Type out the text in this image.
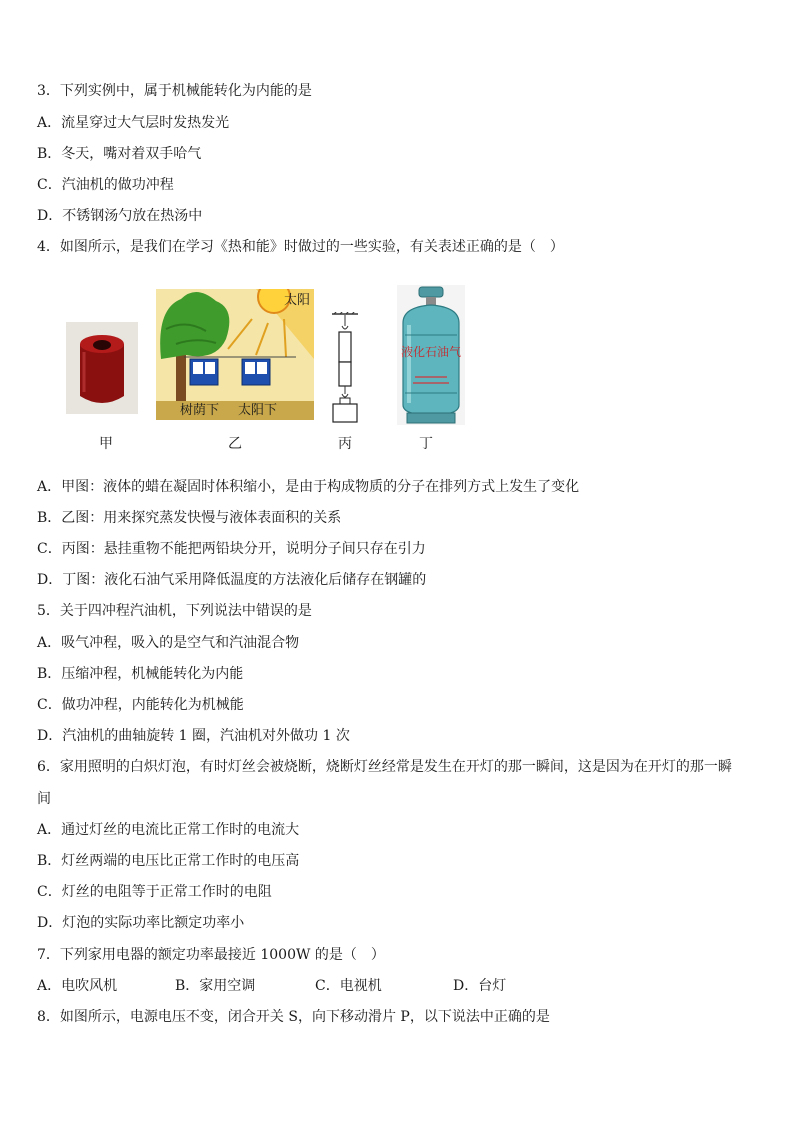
3．下列实例中，属于机械能转化为内能的是
A．流星穿过大气层时发热发光
B．冬天，嘴对着双手哈气
C．汽油机的做功冲程
D．不锈钢汤勺放在热汤中
4．如图所示，是我们在学习《热和能》时做过的一些实验，有关表述正确的是（　）
太阳
树荫下 太阳下
液化石油气
甲	乙	丙	丁
A．甲图：液体的蜡在凝固时体积缩小，是由于构成物质的分子在排列方式上发生了变化
B．乙图：用来探究蒸发快慢与液体表面积的关系
C．丙图：悬挂重物不能把两铅块分开，说明分子间只存在引力
D．丁图：液化石油气采用降低温度的方法液化后储存在钢罐的
5．关于四冲程汽油机，下列说法中错误的是
A．吸气冲程，吸入的是空气和汽油混合物
B．压缩冲程，机械能转化为内能
C．做功冲程，内能转化为机械能
D．汽油机的曲轴旋转 1 圈，汽油机对外做功 1 次
6．家用照明的白炽灯泡，有时灯丝会被烧断，烧断灯丝经常是发生在开灯的那一瞬间，这是因为在开灯的那一瞬
间
A．通过灯丝的电流比正常工作时的电流大
B．灯丝两端的电压比正常工作时的电压高
C．灯丝的电阻等于正常工作时的电阻
D．灯泡的实际功率比额定功率小
7．下列家用电器的额定功率最接近 1000W 的是（　）
A．电吹风机	B．家用空调	C．电视机	D．台灯
8．如图所示，电源电压不变，闭合开关 S，向下移动滑片 P，以下说法中正确的是
